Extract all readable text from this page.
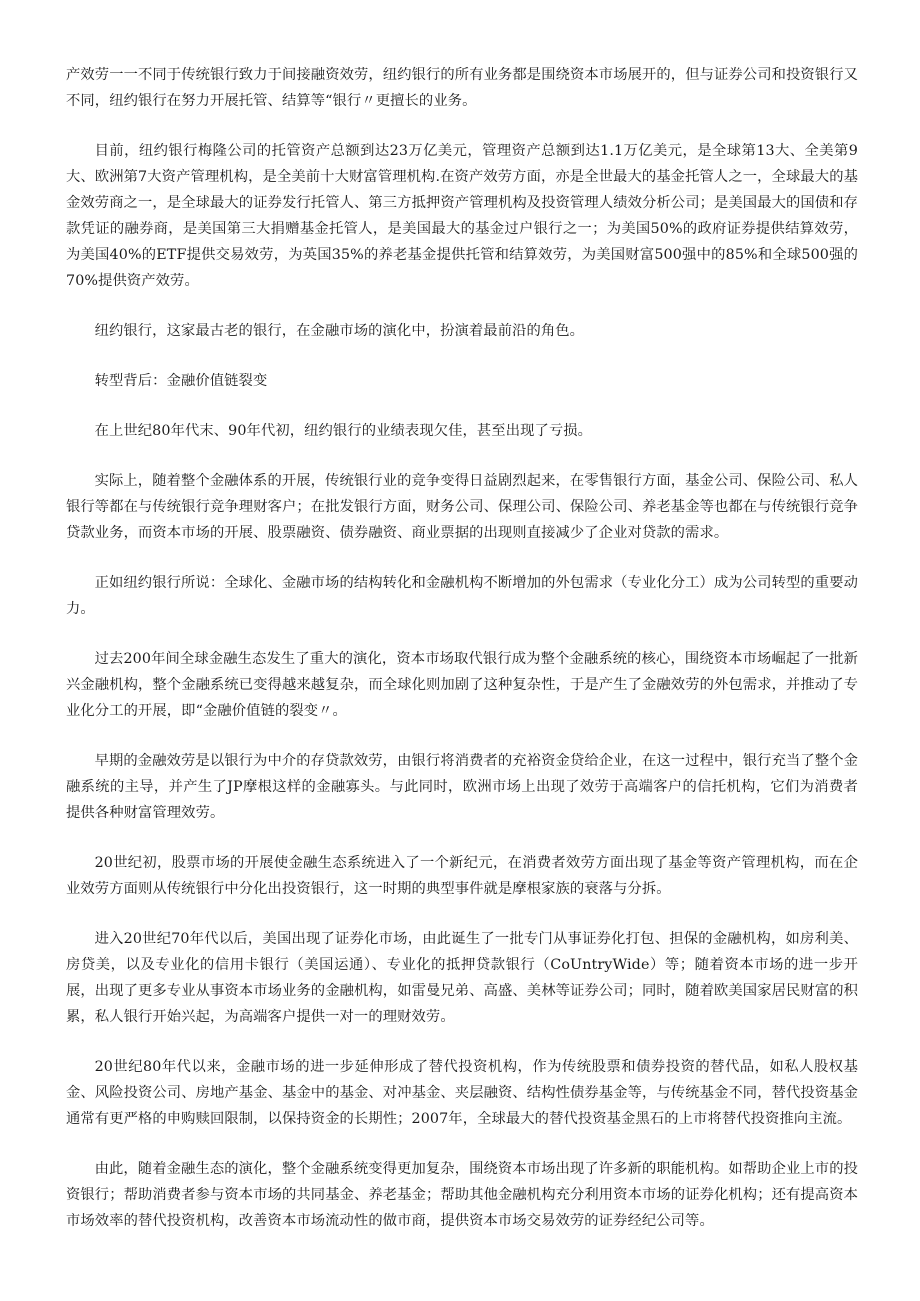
产效劳一一不同于传统银行致力于间接融资效劳，纽约银行的所有业务都是围绕资本市场展开的，但与证券公司和投资银行又不同，纽约银行在努力开展托管、结算等“银行〃更擅长的业务。

目前，纽约银行梅隆公司的托管资产总额到达23万亿美元，管理资产总额到达1.1万亿美元，是全球第13大、全美第9大、欧洲第7大资产管理机构，是全美前十大财富管理机构.在资产效劳方面，亦是全世最大的基金托管人之一，全球最大的基金效劳商之一，是全球最大的证券发行托管人、第三方抵押资产管理机构及投资管理人绩效分析公司；是美国最大的国债和存款凭证的融券商，是美国第三大捐赠基金托管人，是美国最大的基金过户银行之一；为美国50%的政府证券提供结算效劳，为美国40%的ETF提供交易效劳，为英国35%的养老基金提供托管和结算效劳，为美国财富500强中的85%和全球500强的70%提供资产效劳。

纽约银行，这家最古老的银行，在金融市场的演化中，扮演着最前沿的角色。

转型背后：金融价值链裂变

在上世纪80年代末、90年代初，纽约银行的业绩表现欠佳，甚至出现了亏损。

实际上，随着整个金融体系的开展，传统银行业的竞争变得日益剧烈起来，在零售银行方面，基金公司、保险公司、私人银行等都在与传统银行竞争理财客户；在批发银行方面，财务公司、保理公司、保险公司、养老基金等也都在与传统银行竞争贷款业务，而资本市场的开展、股票融资、债券融资、商业票据的出现则直接减少了企业对贷款的需求。

正如纽约银行所说：全球化、金融市场的结构转化和金融机构不断增加的外包需求（专业化分工）成为公司转型的重要动力。

过去200年间全球金融生态发生了重大的演化，资本市场取代银行成为整个金融系统的核心，围绕资本市场崛起了一批新兴金融机构，整个金融系统已变得越来越复杂，而全球化则加剧了这种复杂性，于是产生了金融效劳的外包需求，并推动了专业化分工的开展，即“金融价值链的裂变〃。

早期的金融效劳是以银行为中介的存贷款效劳，由银行将消费者的充裕资金贷给企业，在这一过程中，银行充当了整个金融系统的主导，并产生了JP摩根这样的金融寡头。与此同时，欧洲市场上出现了效劳于高端客户的信托机构，它们为消费者提供各种财富管理效劳。

20世纪初，股票市场的开展使金融生态系统进入了一个新纪元，在消费者效劳方面出现了基金等资产管理机构，而在企业效劳方面则从传统银行中分化出投资银行，这一时期的典型事件就是摩根家族的衰落与分拆。

进入20世纪70年代以后，美国出现了证券化市场，由此诞生了一批专门从事证券化打包、担保的金融机构，如房利美、房贷美，以及专业化的信用卡银行（美国运通）、专业化的抵押贷款银行（CoUntryWide）等；随着资本市场的进一步开展，出现了更多专业从事资本市场业务的金融机构，如雷曼兄弟、高盛、美林等证券公司；同时，随着欧美国家居民财富的积累，私人银行开始兴起，为高端客户提供一对一的理财效劳。

20世纪80年代以来，金融市场的进一步延伸形成了替代投资机构，作为传统股票和债券投资的替代品，如私人股权基金、风险投资公司、房地产基金、基金中的基金、对冲基金、夹层融资、结构性债券基金等，与传统基金不同，替代投资基金通常有更严格的申购赎回限制，以保持资金的长期性；2007年，全球最大的替代投资基金黑石的上市将替代投资推向主流。

由此，随着金融生态的演化，整个金融系统变得更加复杂，围绕资本市场出现了许多新的职能机构。如帮助企业上市的投资银行；帮助消费者参与资本市场的共同基金、养老基金；帮助其他金融机构充分利用资本市场的证券化机构；还有提高资本市场效率的替代投资机构，改善资本市场流动性的做市商，提供资本市场交易效劳的证券经纪公司等。
